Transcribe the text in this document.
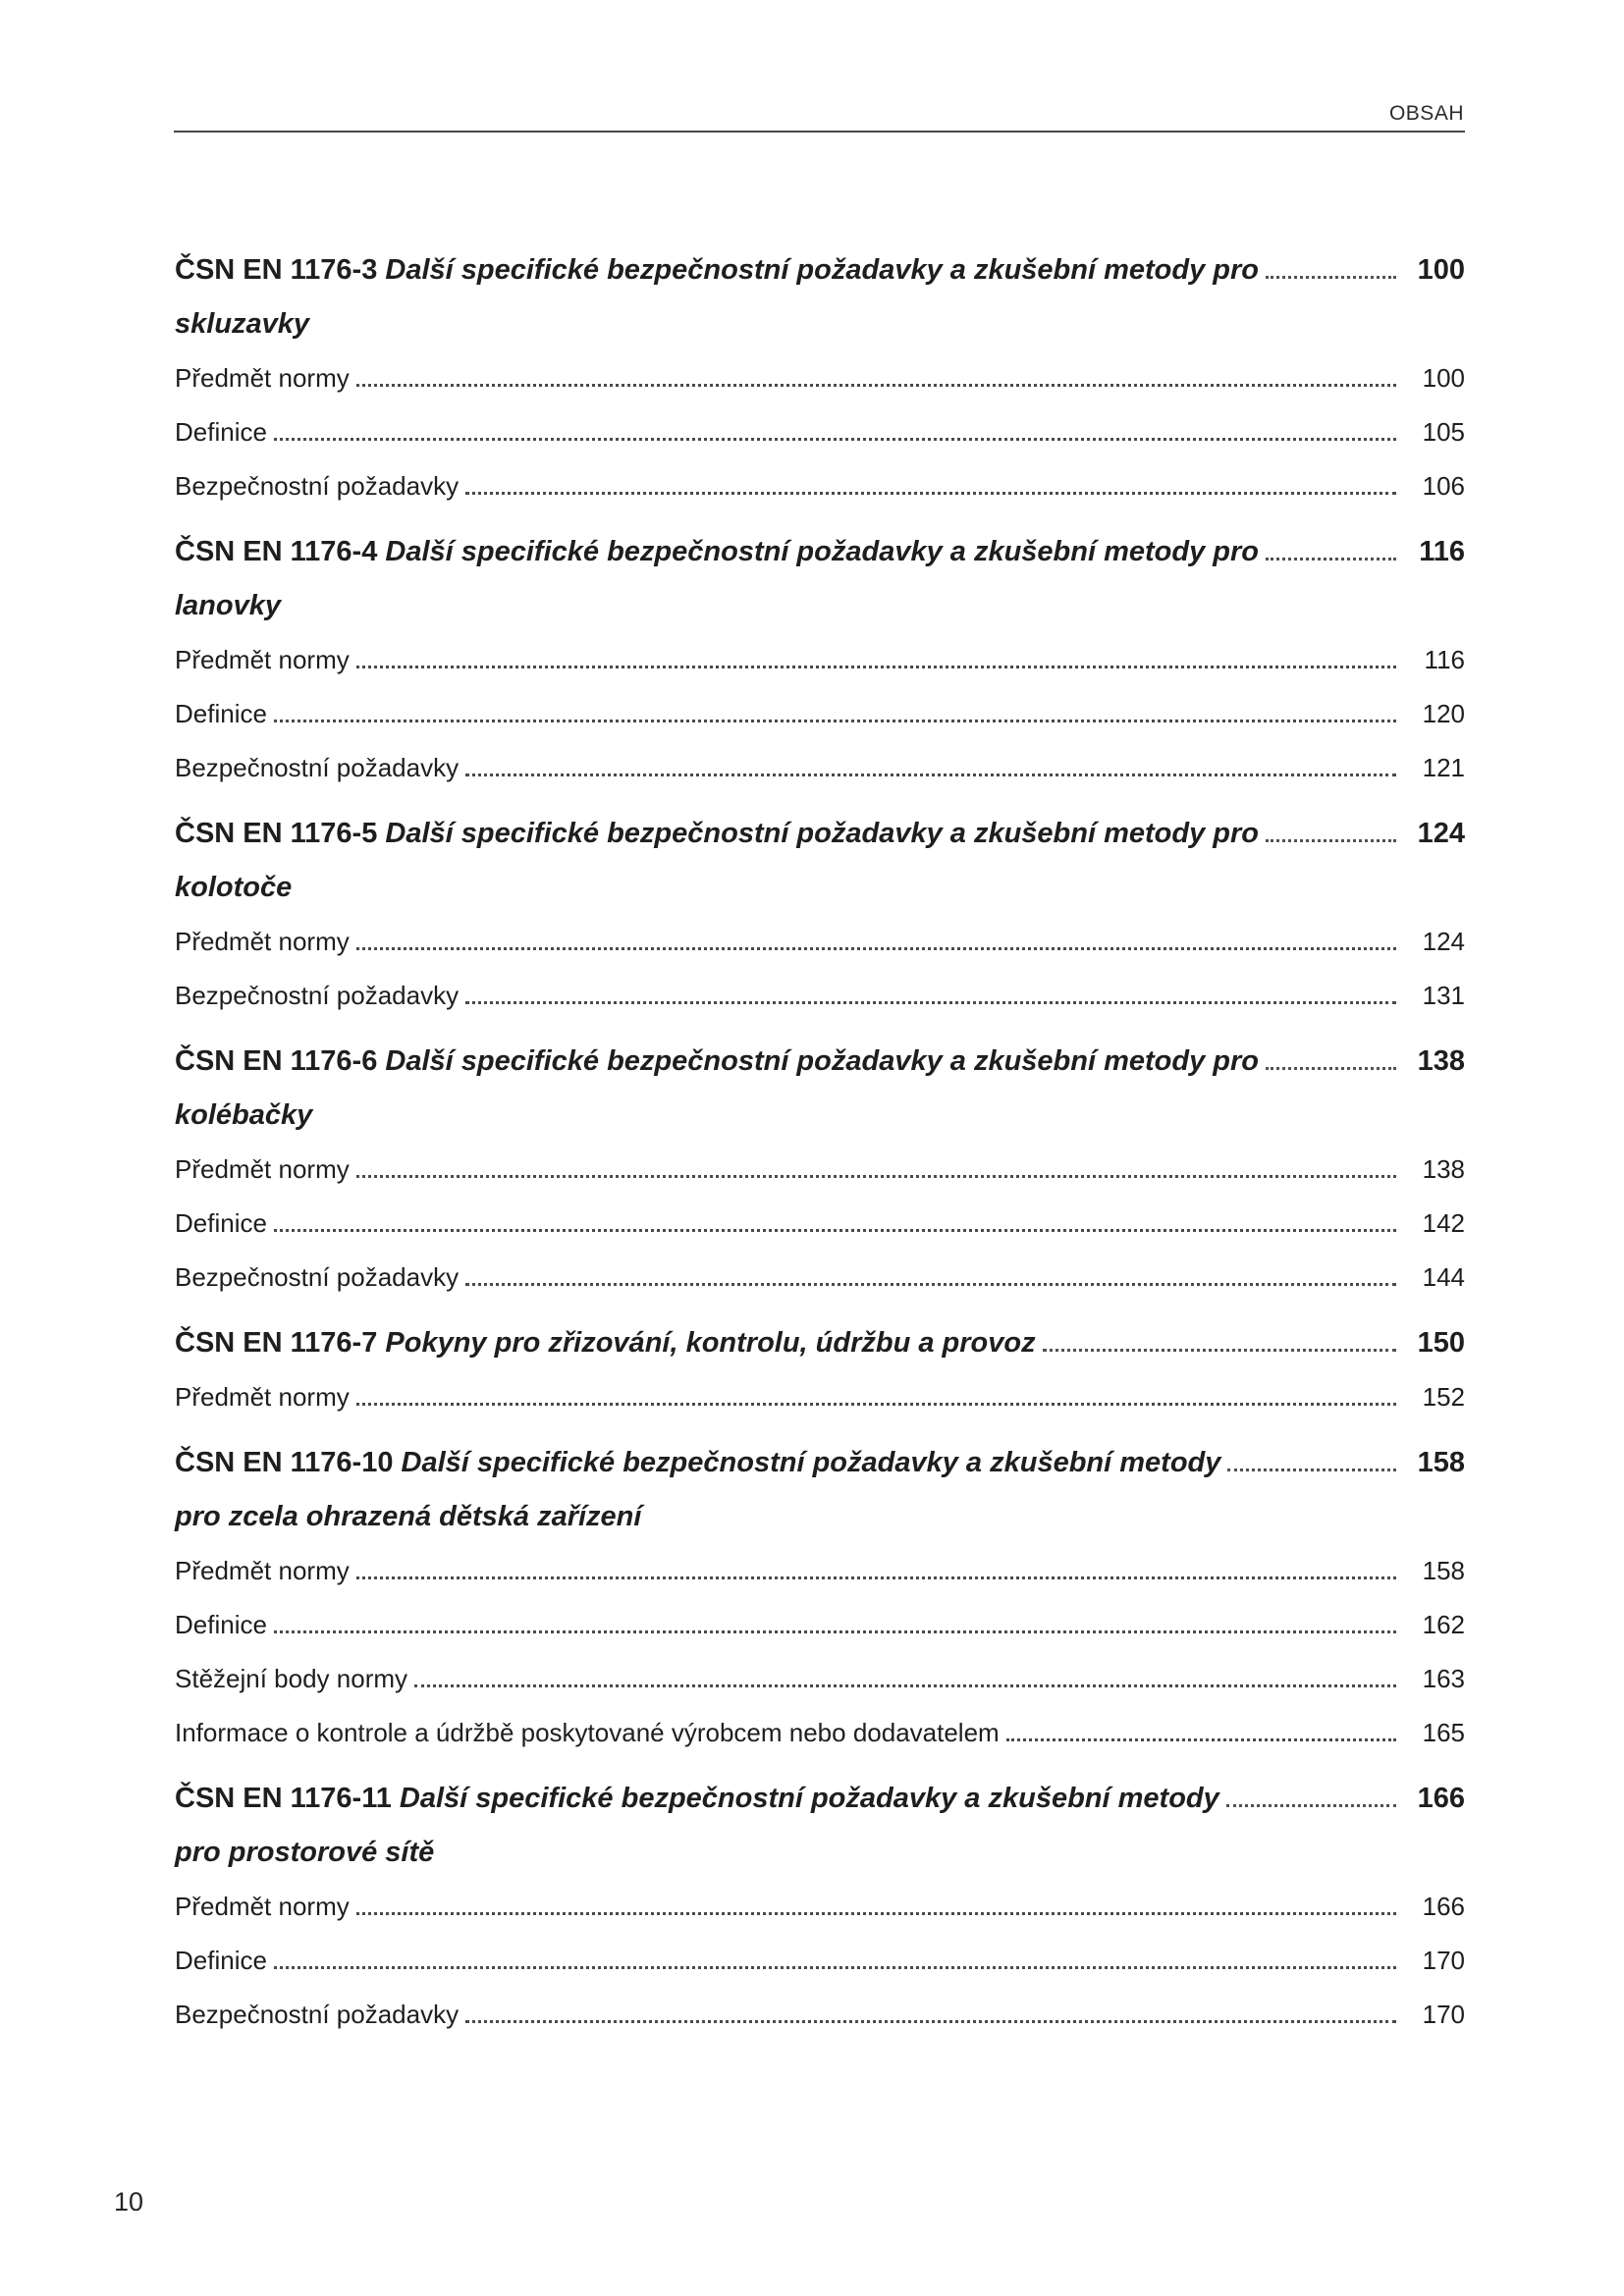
OBSAH
ČSN EN 1176-3 Další specifické bezpečnostní požadavky a zkušební metody pro	100
skluzavky
Předmět normy	100
Definice	105
Bezpečnostní požadavky	106
ČSN EN 1176-4 Další specifické bezpečnostní požadavky a zkušební metody pro	116
lanovky
Předmět normy	116
Definice	120
Bezpečnostní požadavky	121
ČSN EN 1176-5 Další specifické bezpečnostní požadavky a zkušební metody pro	124
kolotoče
Předmět normy	124
Bezpečnostní požadavky	131
ČSN EN 1176-6 Další specifické bezpečnostní požadavky a zkušební metody pro	138
kolébačky
Předmět normy	138
Definice	142
Bezpečnostní požadavky	144
ČSN EN 1176-7 Pokyny pro zřizování, kontrolu, údržbu a provoz	150
Předmět normy	152
ČSN EN 1176-10 Další specifické bezpečnostní požadavky a zkušební metody	158
pro zcela ohrazená dětská zařízení
Předmět normy	158
Definice	162
Stěžejní body normy	163
Informace o kontrole a údržbě poskytované výrobcem nebo dodavatelem	165
ČSN EN 1176-11 Další specifické bezpečnostní požadavky a zkušební metody	166
pro prostorové sítě
Předmět normy	166
Definice	170
Bezpečnostní požadavky	170
10
